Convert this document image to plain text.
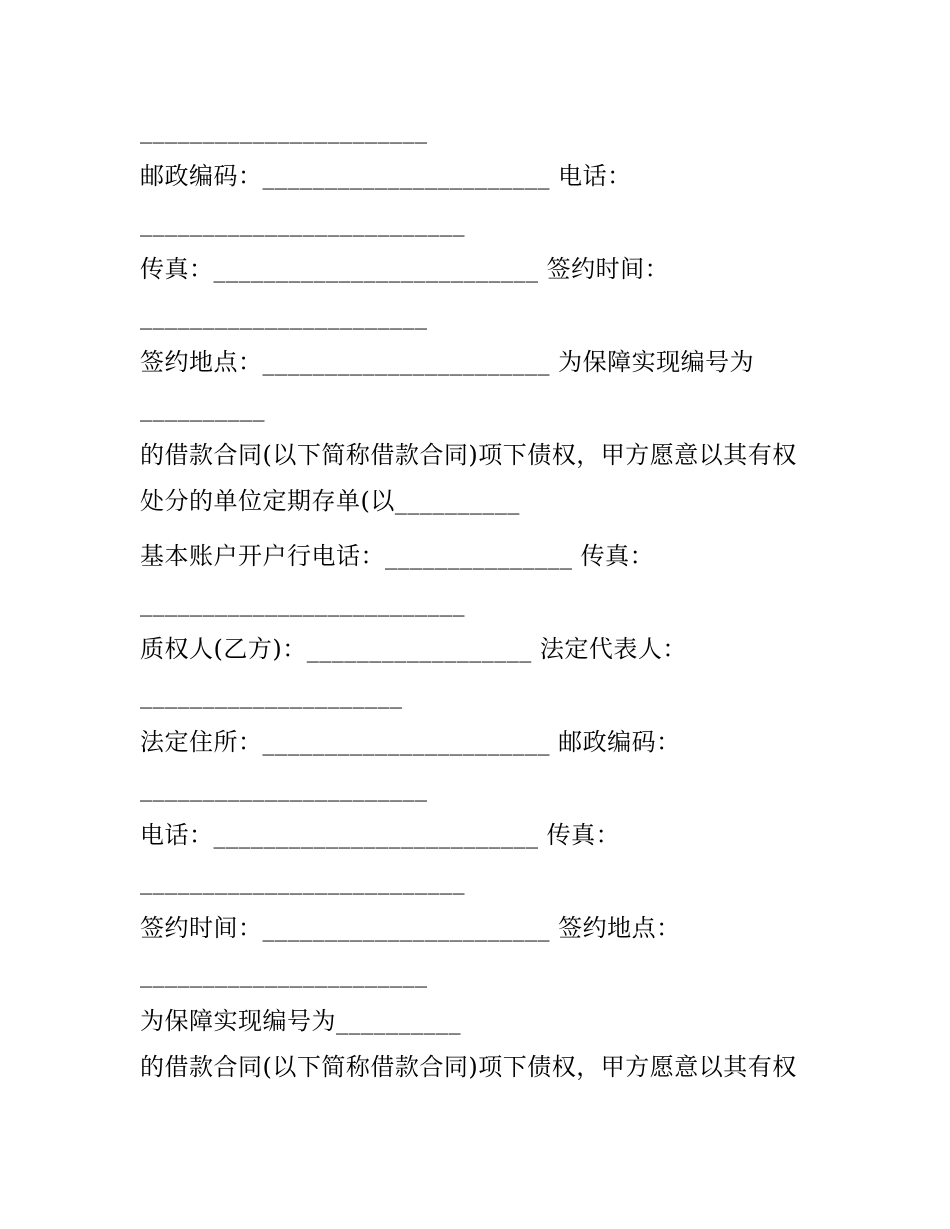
_______________________
邮政编码：_______________________ 电话：
__________________________
传真：__________________________ 签约时间：
_______________________
签约地点：_______________________ 为保障实现编号为
__________
的借款合同(以下简称借款合同)项下债权，甲方愿意以其有权
处分的单位定期存单(以__________
基本账户开户行电话：_______________ 传真：
__________________________
质权人(乙方)：__________________ 法定代表人：
_____________________
法定住所：_______________________ 邮政编码：
_______________________
电话：__________________________ 传真：
__________________________
签约时间：_______________________ 签约地点：
_______________________
为保障实现编号为__________
的借款合同(以下简称借款合同)项下债权，甲方愿意以其有权
